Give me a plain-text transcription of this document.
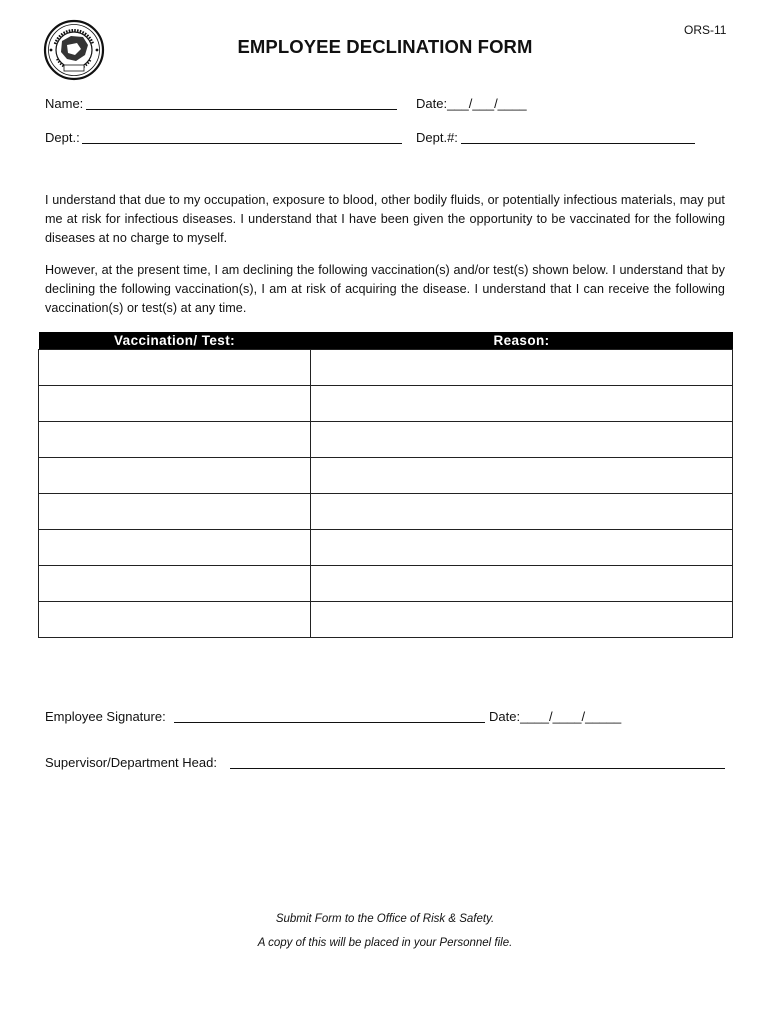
ORS-11
EMPLOYEE DECLINATION FORM
Name:	Date:___/___/____
Dept.:	Dept.#:
I understand that due to my occupation, exposure to blood, other bodily fluids, or potentially infectious materials, may put me at risk for infectious diseases. I understand that I have been given the opportunity to be vaccinated for the following diseases at no charge to myself.
However, at the present time, I am declining the following vaccination(s) and/or test(s) shown below. I understand that by declining the following vaccination(s), I am at risk of acquiring the disease. I understand that I can receive the following vaccination(s) or test(s) at any time.
Vaccination/ Test:	Reason:

Employee Signature:	Date:____/____/_____
Supervisor/Department Head:
Submit Form to the Office of Risk & Safety.
A copy of this will be placed in your Personnel file.
